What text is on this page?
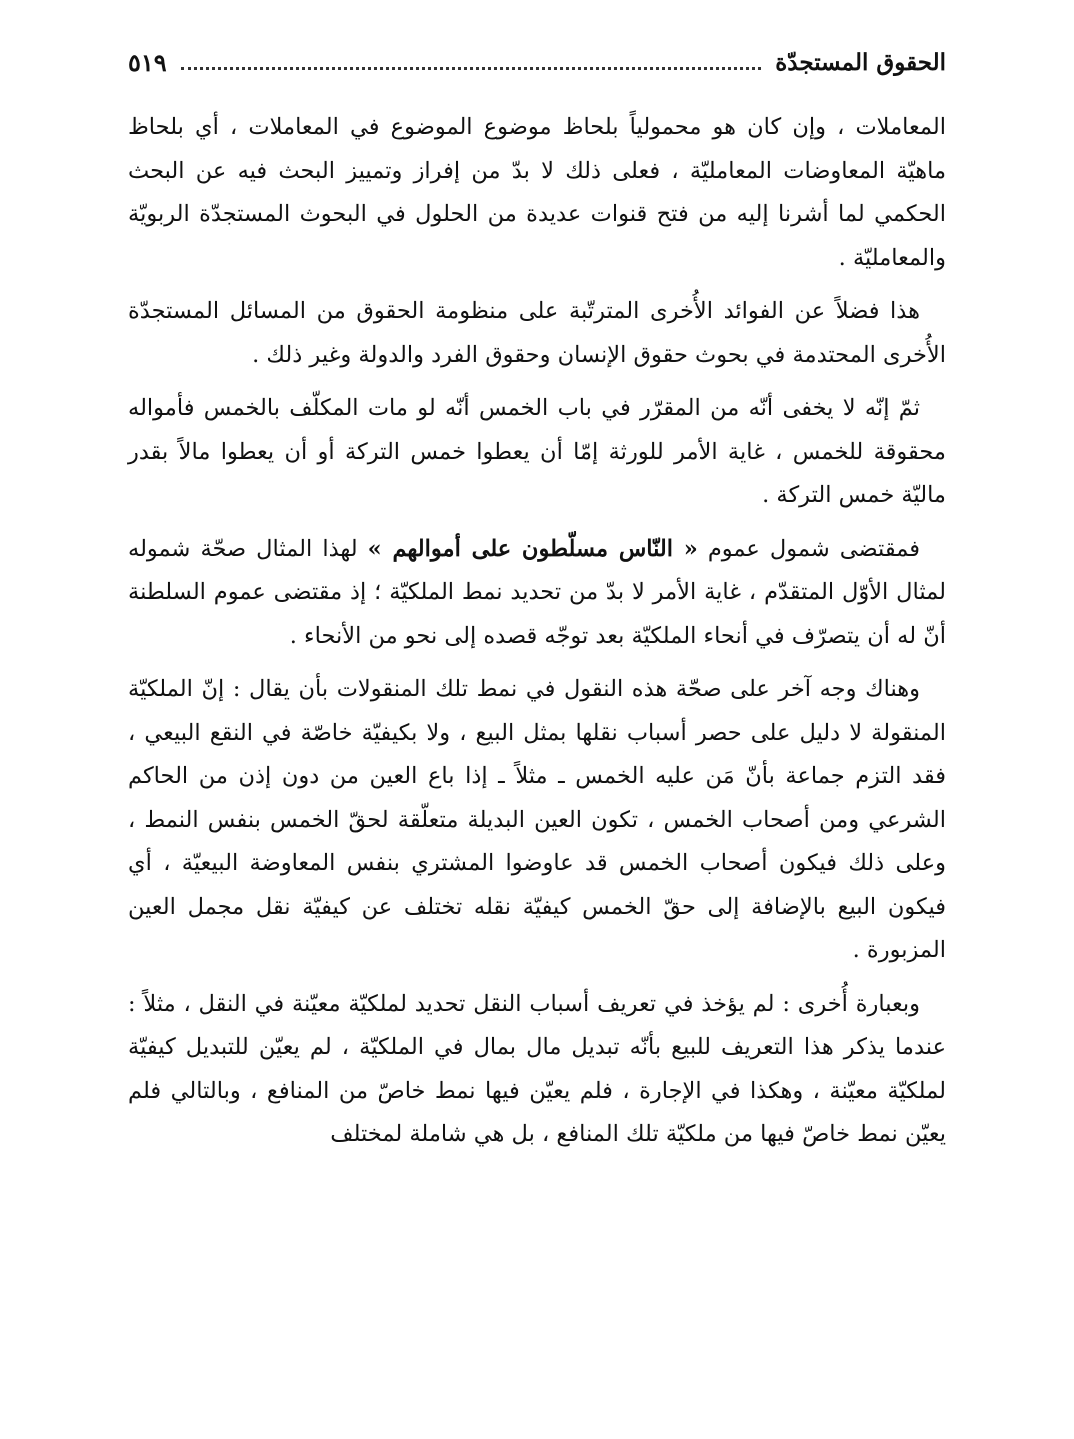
الحقوق المستجدّة
٥١٩

المعاملات ، وإن كان هو محمولياً بلحاظ موضوع الموضوع في المعاملات ، أي بلحاظ ماهيّة المعاوضات المعامليّة ، فعلى ذلك لا بدّ من إفراز وتمييز البحث فيه عن البحث الحكمي لما أشرنا إليه من فتح قنوات عديدة من الحلول في البحوث المستجدّة الربويّة والمعامليّة .

هذا فضلاً عن الفوائد الأُخرى المترتّبة على منظومة الحقوق من المسائل المستجدّة الأُخرى المحتدمة في بحوث حقوق الإنسان وحقوق الفرد والدولة وغير ذلك .

ثمّ إنّه لا يخفى أنّه من المقرّر في باب الخمس أنّه لو مات المكلّف بالخمس فأمواله محقوقة للخمس ، غاية الأمر للورثة إمّا أن يعطوا خمس التركة أو أن يعطوا مالاً بقدر ماليّة خمس التركة .

فمقتضى شمول عموم « النّاس مسلّطون على أموالهم » لهذا المثال صحّة شموله لمثال الأوّل المتقدّم ، غاية الأمر لا بدّ من تحديد نمط الملكيّة ؛ إذ مقتضى عموم السلطنة أنّ له أن يتصرّف في أنحاء الملكيّة بعد توجّه قصده إلى نحو من الأنحاء .

وهناك وجه آخر على صحّة هذه النقول في نمط تلك المنقولات بأن يقال : إنّ الملكيّة المنقولة لا دليل على حصر أسباب نقلها بمثل البيع ، ولا بكيفيّة خاصّة في النقع البيعي ، فقد التزم جماعة بأنّ مَن عليه الخمس ـ مثلاً ـ إذا باع العين من دون إذن من الحاكم الشرعي ومن أصحاب الخمس ، تكون العين البديلة متعلّقة لحقّ الخمس بنفس النمط ، وعلى ذلك فيكون أصحاب الخمس قد عاوضوا المشتري بنفس المعاوضة البيعيّة ، أي فيكون البيع بالإضافة إلى حقّ الخمس كيفيّة نقله تختلف عن كيفيّة نقل مجمل العين المزبورة .

وبعبارة أُخرى : لم يؤخذ في تعريف أسباب النقل تحديد لملكيّة معيّنة في النقل ، مثلاً : عندما يذكر هذا التعريف للبيع بأنّه تبديل مال بمال في الملكيّة ، لم يعيّن للتبديل كيفيّة لملكيّة معيّنة ، وهكذا في الإجارة ، فلم يعيّن فيها نمط خاصّ من المنافع ، وبالتالي فلم يعيّن نمط خاصّ فيها من ملكيّة تلك المنافع ، بل هي شاملة لمختلف
